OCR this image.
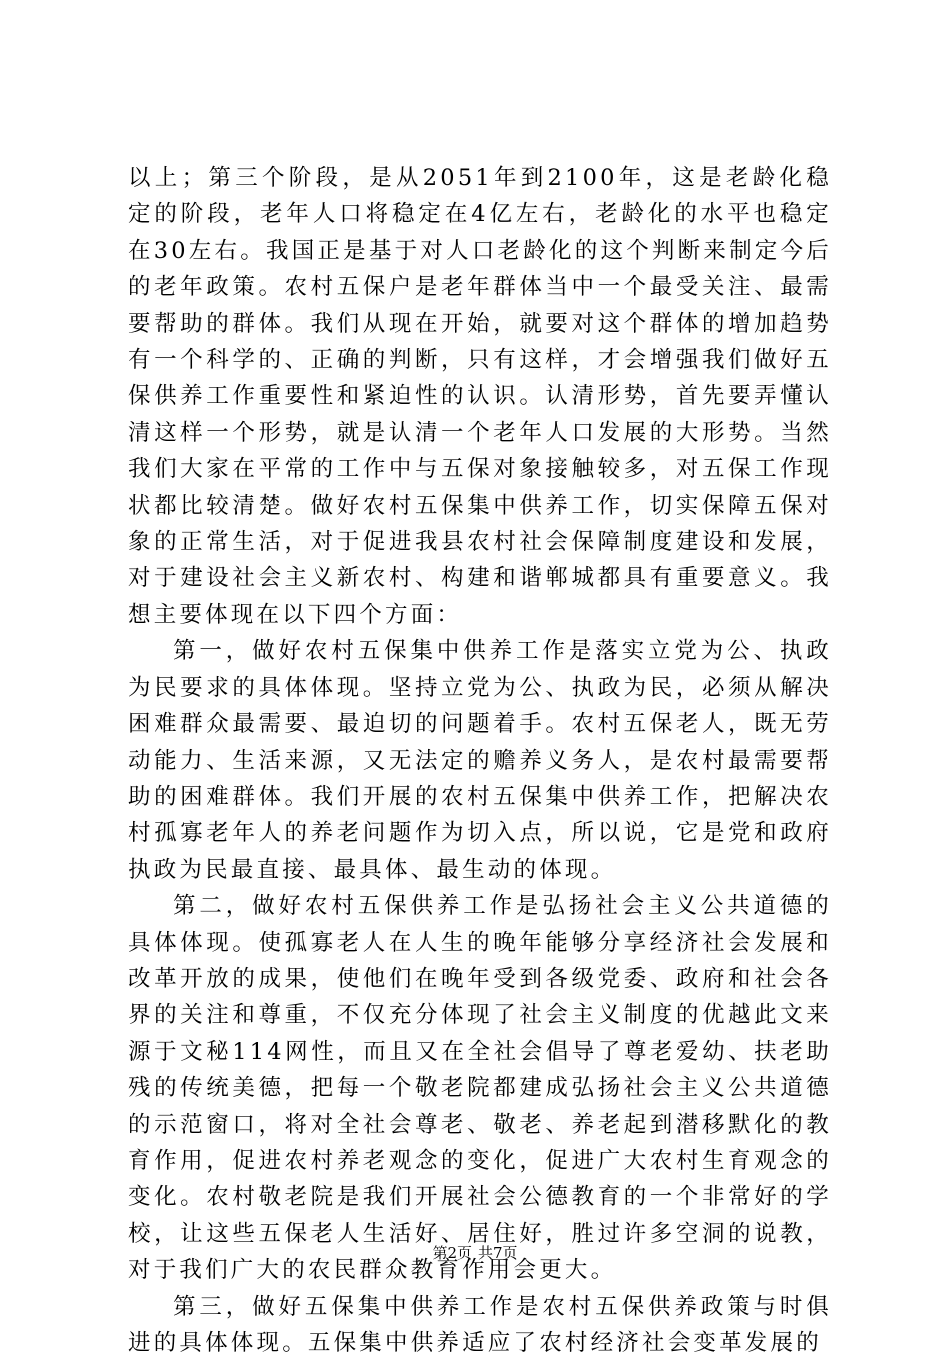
以上；第三个阶段，是从2051年到2100年，这是老龄化稳定的阶段，老年人口将稳定在4亿左右，老龄化的水平也稳定在30左右。我国正是基于对人口老龄化的这个判断来制定今后的老年政策。农村五保户是老年群体当中一个最受关注、最需要帮助的群体。我们从现在开始，就要对这个群体的增加趋势有一个科学的、正确的判断，只有这样，才会增强我们做好五保供养工作重要性和紧迫性的认识。认清形势，首先要弄懂认清这样一个形势，就是认清一个老年人口发展的大形势。当然我们大家在平常的工作中与五保对象接触较多，对五保工作现状都比较清楚。做好农村五保集中供养工作，切实保障五保对象的正常生活，对于促进我县农村社会保障制度建设和发展，对于建设社会主义新农村、构建和谐郸城都具有重要意义。我想主要体现在以下四个方面：

第一，做好农村五保集中供养工作是落实立党为公、执政为民要求的具体体现。坚持立党为公、执政为民，必须从解决困难群众最需要、最迫切的问题着手。农村五保老人，既无劳动能力、生活来源，又无法定的赡养义务人，是农村最需要帮助的困难群体。我们开展的农村五保集中供养工作，把解决农村孤寡老年人的养老问题作为切入点，所以说，它是党和政府执政为民最直接、最具体、最生动的体现。

第二，做好农村五保供养工作是弘扬社会主义公共道德的具体体现。使孤寡老人在人生的晚年能够分享经济社会发展和改革开放的成果，使他们在晚年受到各级党委、政府和社会各界的关注和尊重，不仅充分体现了社会主义制度的优越此文来源于文秘114网性，而且又在全社会倡导了尊老爱幼、扶老助残的传统美德，把每一个敬老院都建成弘扬社会主义公共道德的示范窗口，将对全社会尊老、敬老、养老起到潜移默化的教育作用，促进农村养老观念的变化，促进广大农村生育观念的变化。农村敬老院是我们开展社会公德教育的一个非常好的学校，让这些五保老人生活好、居住好，胜过许多空洞的说教，对于我们广大的农民群众教育作用会更大。

第三，做好五保集中供养工作是农村五保供养政策与时俱进的具体体现。五保集中供养适应了农村经济社会变革发展的

第2页 共7页
